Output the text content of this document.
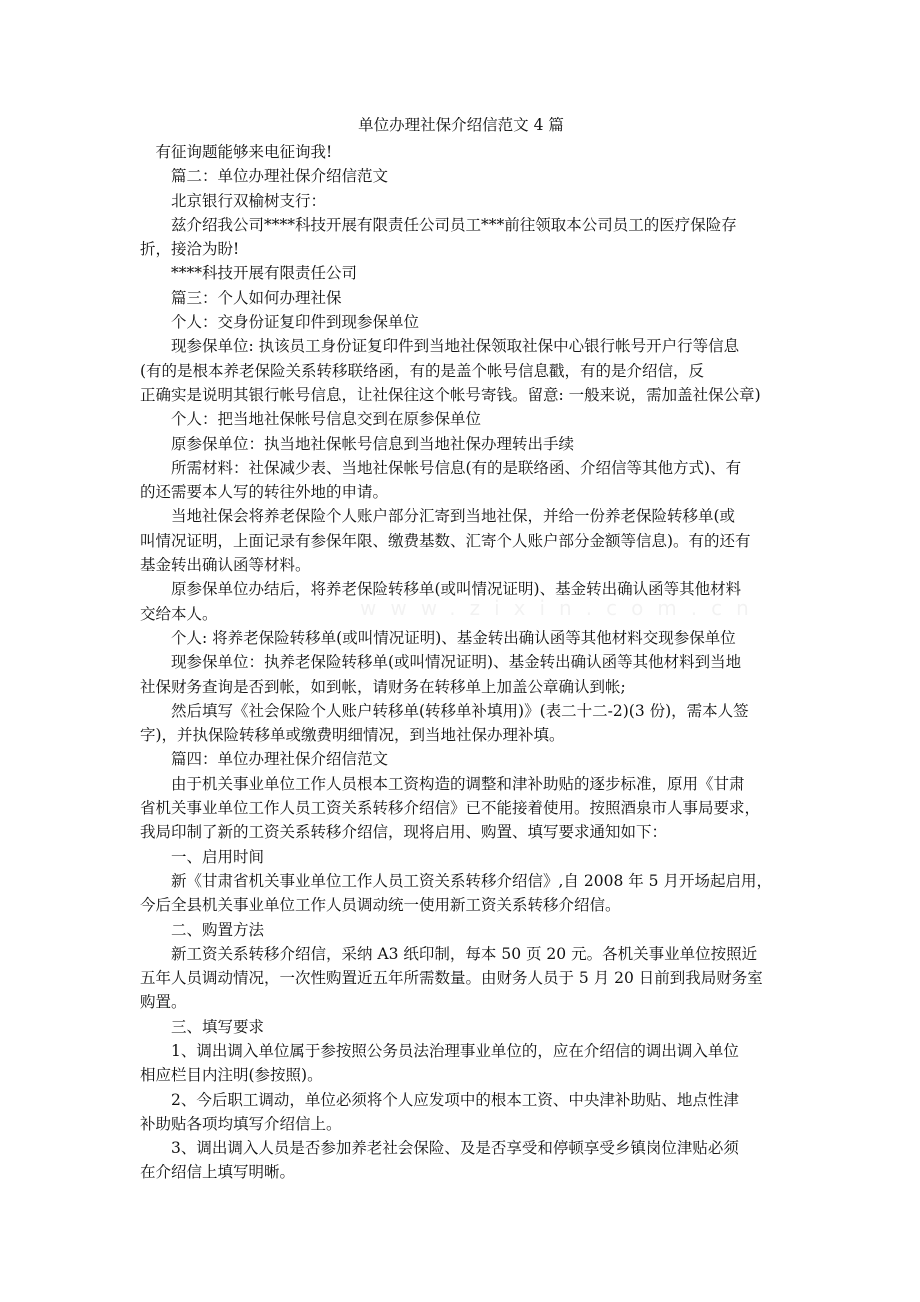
www.zixin.com.cn
单位办理社保介绍信范文 4 篇
有征询题能够来电征询我!
篇二：单位办理社保介绍信范文
北京银行双榆树支行：
兹介绍我公司****科技开展有限责任公司员工***前往领取本公司员工的医疗保险存
折，接洽为盼!
****科技开展有限责任公司
篇三：个人如何办理社保
个人：交身份证复印件到现参保单位
现参保单位: 执该员工身份证复印件到当地社保领取社保中心银行帐号开户行等信息
(有的是根本养老保险关系转移联络函，有的是盖个帐号信息戳，有的是介绍信，反
正确实是说明其银行帐号信息，让社保往这个帐号寄钱。留意: 一般来说，需加盖社保公章)
个人：把当地社保帐号信息交到在原参保单位
原参保单位：执当地社保帐号信息到当地社保办理转出手续
所需材料：社保减少表、当地社保帐号信息(有的是联络函、介绍信等其他方式)、有
的还需要本人写的转往外地的申请。
当地社保会将养老保险个人账户部分汇寄到当地社保，并给一份养老保险转移单(或
叫情况证明，上面记录有参保年限、缴费基数、汇寄个人账户部分金额等信息)。有的还有
基金转出确认函等材料。
原参保单位办结后，将养老保险转移单(或叫情况证明)、基金转出确认函等其他材料
交给本人。
个人: 将养老保险转移单(或叫情况证明)、基金转出确认函等其他材料交现参保单位
现参保单位：执养老保险转移单(或叫情况证明)、基金转出确认函等其他材料到当地
社保财务查询是否到帐，如到帐，请财务在转移单上加盖公章确认到帐;
然后填写《社会保险个人账户转移单(转移单补填用)》(表二十二-2)(3 份)，需本人签
字)，并执保险转移单或缴费明细情况，到当地社保办理补填。
篇四：单位办理社保介绍信范文
由于机关事业单位工作人员根本工资构造的调整和津补助贴的逐步标准，原用《甘肃
省机关事业单位工作人员工资关系转移介绍信》已不能接着使用。按照酒泉市人事局要求，
我局印制了新的工资关系转移介绍信，现将启用、购置、填写要求通知如下：
一、启用时间
新《甘肃省机关事业单位工作人员工资关系转移介绍信》,自 2008 年 5 月开场起启用，
今后全县机关事业单位工作人员调动统一使用新工资关系转移介绍信。
二、购置方法
新工资关系转移介绍信，采纳 A3 纸印制，每本 50 页 20 元。各机关事业单位按照近
五年人员调动情况，一次性购置近五年所需数量。由财务人员于 5 月 20 日前到我局财务室
购置。
三、填写要求
1、调出调入单位属于参按照公务员法治理事业单位的，应在介绍信的调出调入单位
相应栏目内注明(参按照)。
2、今后职工调动，单位必须将个人应发项中的根本工资、中央津补助贴、地点性津
补助贴各项均填写介绍信上。
3、调出调入人员是否参加养老社会保险、及是否享受和停顿享受乡镇岗位津贴必须
在介绍信上填写明晰。
